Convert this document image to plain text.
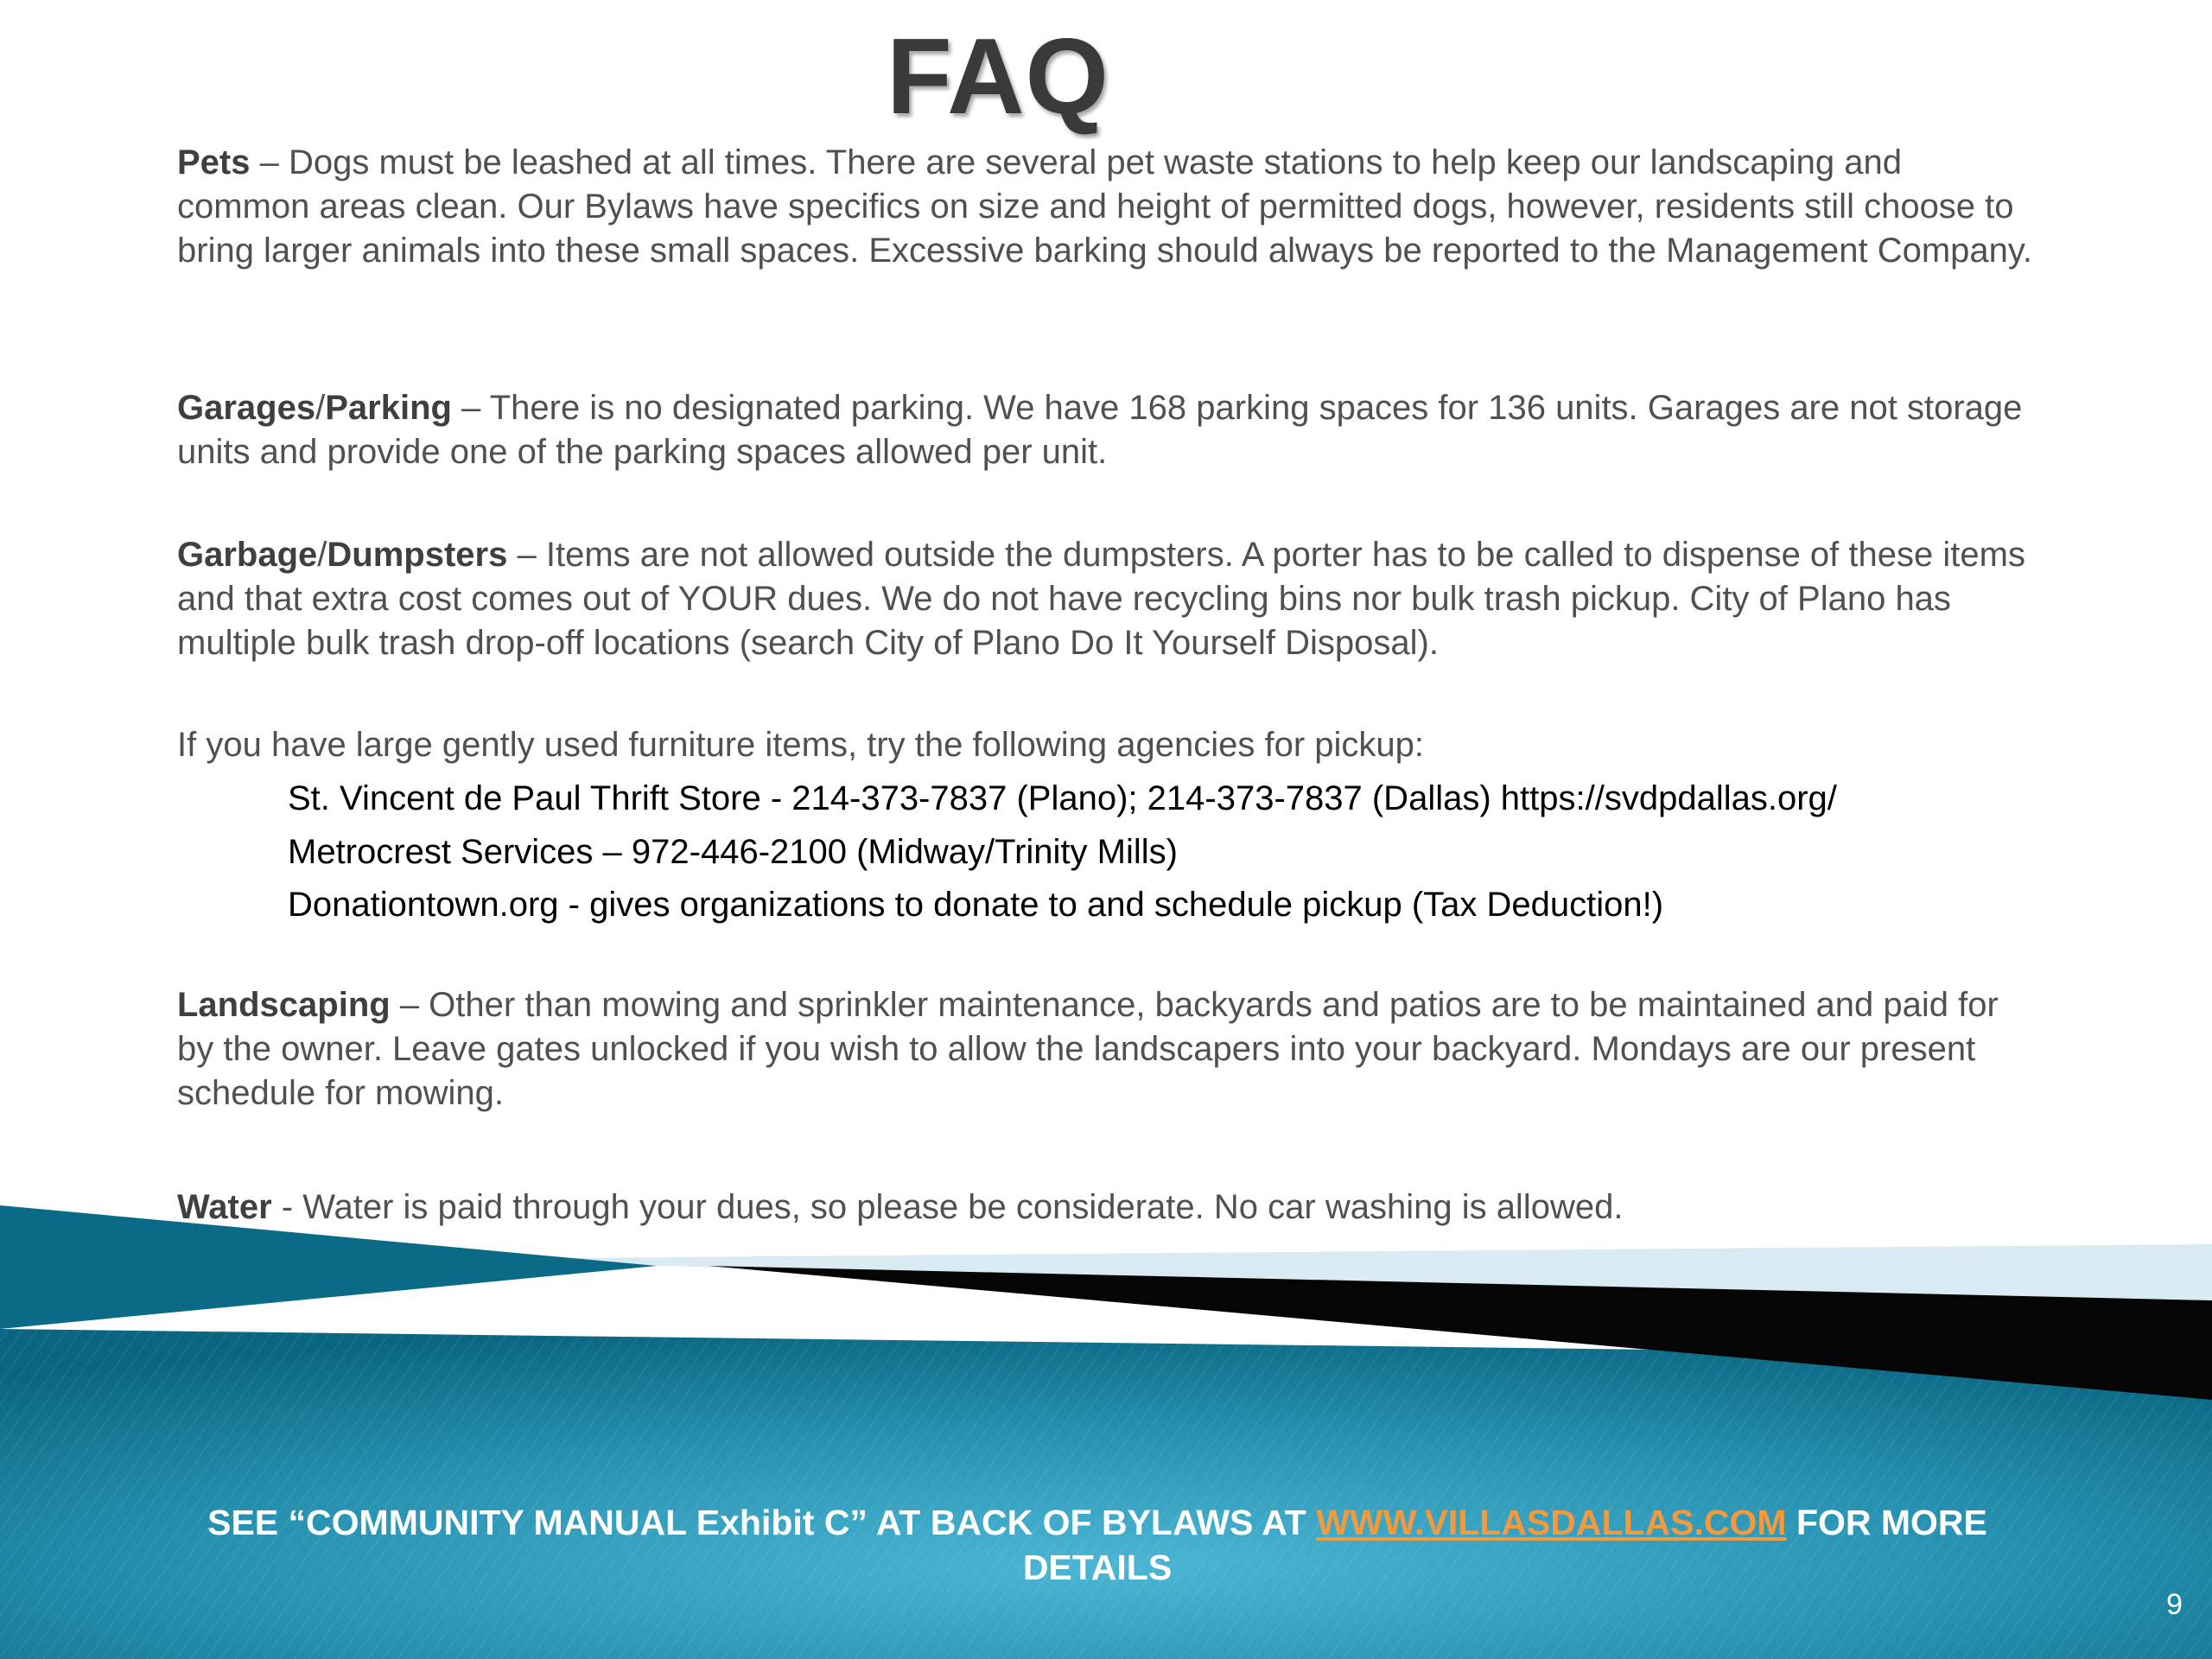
FAQ

Pets – Dogs must be leashed at all times. There are several pet waste stations to help keep our landscaping and common areas clean. Our Bylaws have specifics on size and height of permitted dogs, however, residents still choose to bring larger animals into these small spaces. Excessive barking should always be reported to the Management Company.

Garages/Parking – There is no designated parking. We have 168 parking spaces for 136 units. Garages are not storage units and provide one of the parking spaces allowed per unit.

Garbage/Dumpsters – Items are not allowed outside the dumpsters. A porter has to be called to dispense of these items and that extra cost comes out of YOUR dues. We do not have recycling bins nor bulk trash pickup. City of Plano has multiple bulk trash drop-off locations (search City of Plano Do It Yourself Disposal).

If you have large gently used furniture items, try the following agencies for pickup:

St. Vincent de Paul Thrift Store - 214-373-7837 (Plano); 214-373-7837 (Dallas) https://svdpdallas.org/

Metrocrest Services – 972-446-2100 (Midway/Trinity Mills)

Donationtown.org - gives organizations to donate to and schedule pickup (Tax Deduction!)

Landscaping – Other than mowing and sprinkler maintenance, backyards and patios are to be maintained and paid for by the owner. Leave gates unlocked if you wish to allow the landscapers into your backyard. Mondays are our present schedule for mowing.

Water - Water is paid through your dues, so please be considerate. No car washing is allowed.

SEE “COMMUNITY MANUAL Exhibit C” AT BACK OF BYLAWS AT WWW.VILLASDALLAS.COM FOR MORE DETAILS
9
